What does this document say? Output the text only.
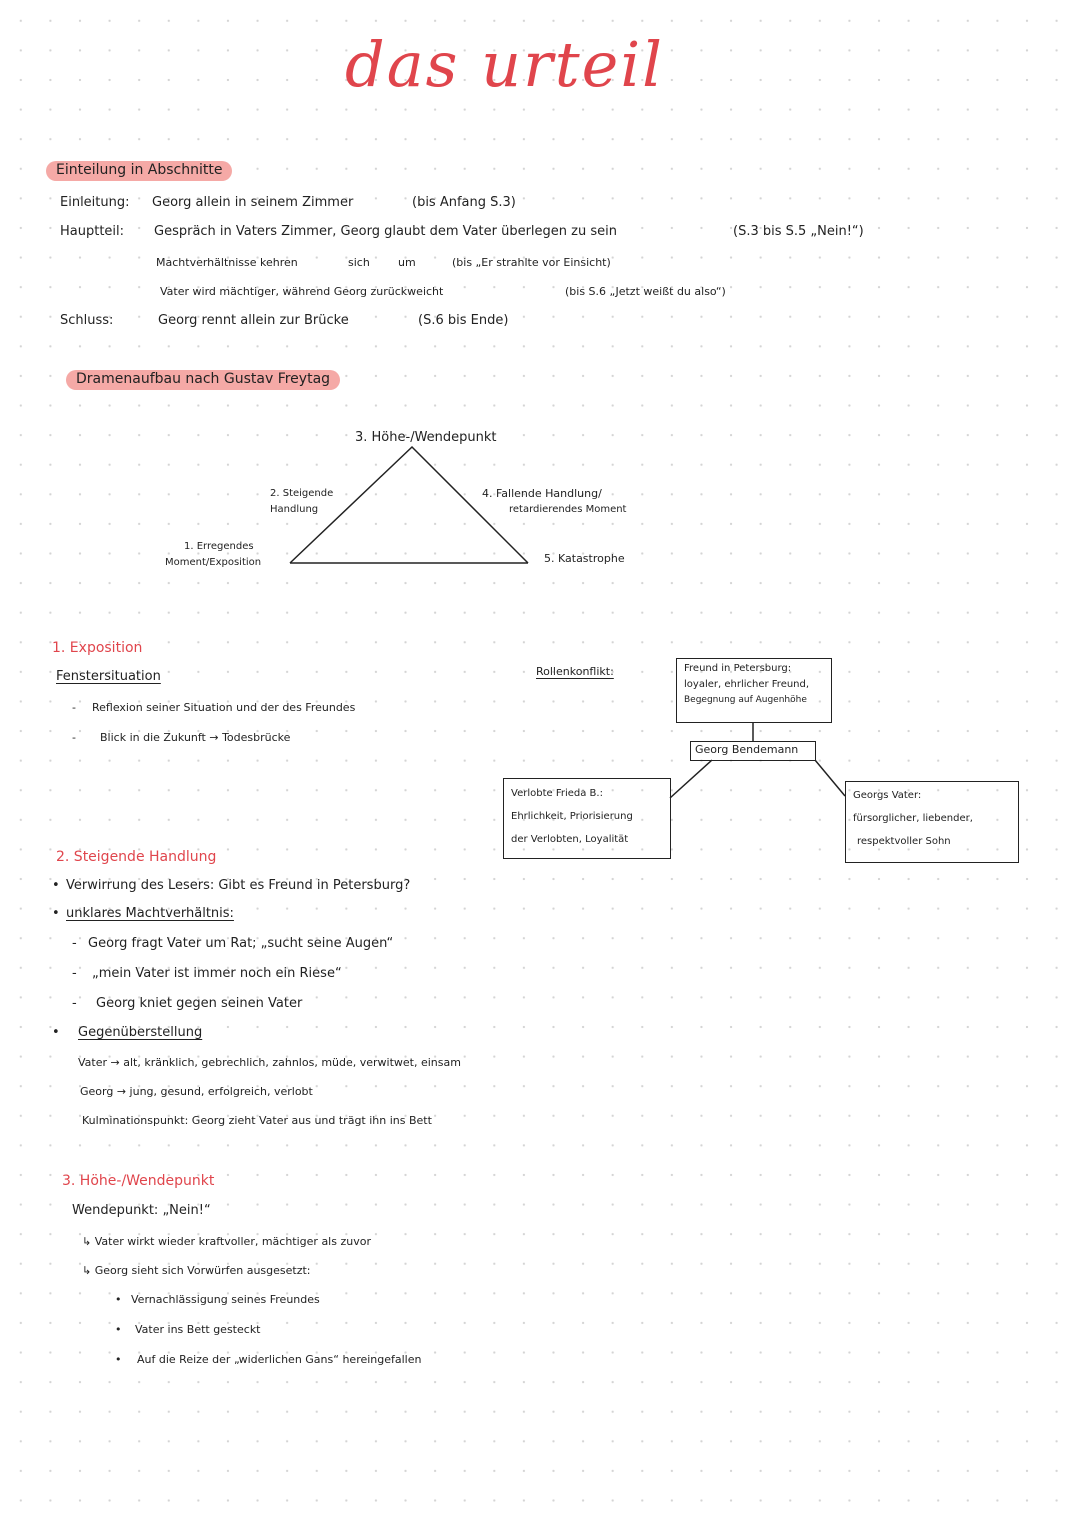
das urteil
Einteilung in Abschnitte
Einleitung: Georg allein in seinem Zimmer	(bis Anfang S.3)
Hauptteil: Gespräch in Vaters Zimmer, Georg glaubt dem Vater überlegen zu sein	(S.3 bis S.5 „Nein!“)
Machtverhältnisse kehren	sich	um	(bis „Er strahlte vor Einsicht)
Vater wird mächtiger, während Georg zurückweicht	(bis S.6 „Jetzt weißt du also“)
Schluss:	Georg rennt allein zur Brücke	(S.6 bis Ende)
Dramenaufbau nach Gustav Freytag
3. Höhe-/Wendepunkt
2. Steigende
Handlung
4. Fallende Handlung/
retardierendes Moment
1. Erregendes
Moment/Exposition	5. Katastrophe
1. Exposition
Fenstersituation
- Reflexion seiner Situation und der des Freundes
- Blick in die Zukunft → Todesbrücke
Rollenkonflikt:	Freund in Petersburg:
loyaler, ehrlicher Freund,
Begegnung auf Augenhöhe
Georg Bendemann
Verlobte Frieda B.:
Ehrlichkeit, Priorisierung
der Verlobten, Loyalität
Georgs Vater:
fürsorglicher, liebender,
respektvoller Sohn
2. Steigende Handlung
• Verwirrung des Lesers: Gibt es Freund in Petersburg?
• unklares Machtverhältnis:
- Georg fragt Vater um Rat; „sucht seine Augen“
- „mein Vater ist immer noch ein Riese“
- Georg kniet gegen seinen Vater
• Gegenüberstellung
Vater → alt, kränklich, gebrechlich, zahnlos, müde, verwitwet, einsam
Georg → jung, gesund, erfolgreich, verlobt
Kulminationspunkt: Georg zieht Vater aus und trägt ihn ins Bett
3. Höhe-/Wendepunkt
Wendepunkt: „Nein!“
↳ Vater wirkt wieder kraftvoller, mächtiger als zuvor
↳ Georg sieht sich Vorwürfen ausgesetzt:
• Vernachlässigung seines Freundes
• Vater ins Bett gesteckt
• Auf die Reize der „widerlichen Gans“ hereingefallen
